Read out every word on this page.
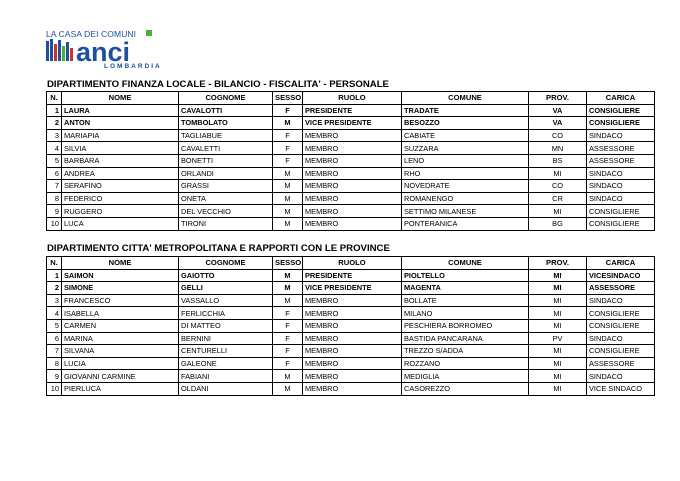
LA CASA DEI COMUNI
anci
LOMBARDIA
DIPARTIMENTO FINANZA LOCALE - BILANCIO - FISCALITA' - PERSONALE
N.	NOME	COGNOME	SESSO	RUOLO	COMUNE	PROV.	CARICA
1	LAURA	CAVALOTTI	F	PRESIDENTE	TRADATE	VA	CONSIGLIERE
2	ANTON	TOMBOLATO	M	VICE PRESIDENTE	BESOZZO	VA	CONSIGLIERE
3	MARIAPIA	TAGLIABUE	F	MEMBRO	CABIATE	CO	SINDACO
4	SILVIA	CAVALETTI	F	MEMBRO	SUZZARA	MN	ASSESSORE
5	BARBARA	BONETTI	F	MEMBRO	LENO	BS	ASSESSORE
6	ANDREA	ORLANDI	M	MEMBRO	RHO	MI	SINDACO
7	SERAFINO	GRASSI	M	MEMBRO	NOVEDRATE	CO	SINDACO
8	FEDERICO	ONETA	M	MEMBRO	ROMANENGO	CR	SINDACO
9	RUGGERO	DEL VECCHIO	M	MEMBRO	SETTIMO MILANESE	MI	CONSIGLIERE
10	LUCA	TIRONI	M	MEMBRO	PONTERANICA	BG	CONSIGLIERE
DIPARTIMENTO CITTA' METROPOLITANA E RAPPORTI CON LE PROVINCE
N.	NOME	COGNOME	SESSO	RUOLO	COMUNE	PROV.	CARICA
1	SAIMON	GAIOTTO	M	PRESIDENTE	PIOLTELLO	MI	VICESINDACO
2	SIMONE	GELLI	M	VICE PRESIDENTE	MAGENTA	MI	ASSESSORE
3	FRANCESCO	VASSALLO	M	MEMBRO	BOLLATE	MI	SINDACO
4	ISABELLA	FERLICCHIA	F	MEMBRO	MILANO	MI	CONSIGLIERE
5	CARMEN	DI MATTEO	F	MEMBRO	PESCHIERA BORROMEO	MI	CONSIGLIERE
6	MARINA	BERNINI	F	MEMBRO	BASTIDA PANCARANA	PV	SINDACO
7	SILVANA	CENTURELLI	F	MEMBRO	TREZZO S/ADDA	MI	CONSIGLIERE
8	LUCIA	GALEONE	F	MEMBRO	ROZZANO	MI	ASSESSORE
9	GIOVANNI CARMINE	FABIANI	M	MEMBRO	MEDIGLIA	MI	SINDACO
10	PIERLUCA	OLDANI	M	MEMBRO	CASOREZZO	MI	VICE SINDACO
